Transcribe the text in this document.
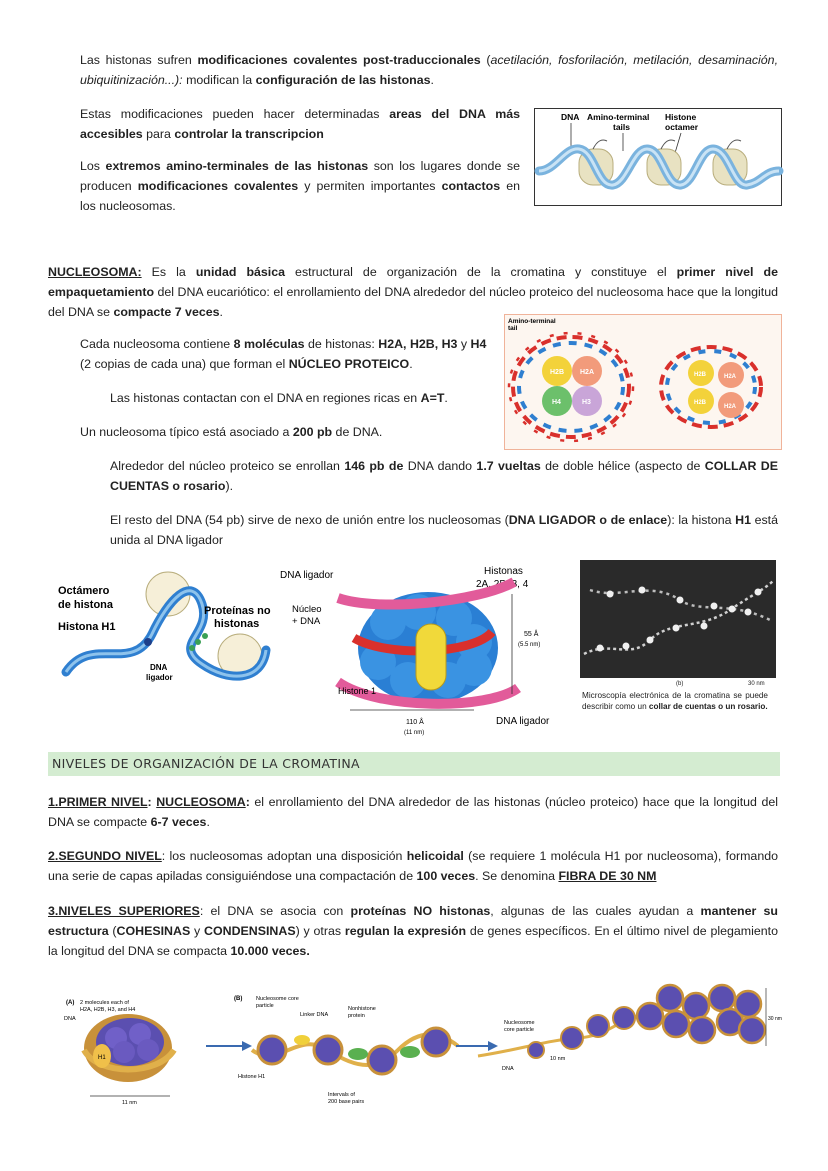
Las histonas sufren modificaciones covalentes post-traduccionales (acetilación, fosforilación, metilación, desaminación, ubiquitinización...): modifican la configuración de las histonas.

Estas modificaciones pueden hacer determinadas areas del DNA más accesibles para controlar la transcripcion

Los extremos amino-terminales de las histonas son los lugares donde se producen modificaciones covalentes y permiten importantes contactos en los nucleosomas.

DNA Amino-terminal
tails
Histone
octamer

NUCLEOSOMA: Es la unidad básica estructural de organización de la cromatina y constituye el primer nivel de empaquetamiento del DNA eucariótico: el enrollamiento del DNA alrededor del núcleo proteico del nucleosoma hace que la longitud del DNA se compacte 7 veces.

Cada nucleosoma contiene 8 moléculas de histonas: H2A, H2B, H3 y H4
(2 copias de cada una) que forman el NÚCLEO PROTEICO.

Las histonas contactan con el DNA en regiones ricas en A=T.

Un nucleosoma típico está asociado a 200 pb de DNA.

Amino-terminal
tail
H2B H2A
H4	H3
H2B	H2A
H2B
H2A

Alrededor del núcleo proteico se enrollan 146 pb de DNA dando 1.7 vueltas de doble hélice (aspecto de COLLAR DE CUENTAS o rosario).

El resto del DNA (54 pb) sirve de nexo de unión entre los nucleosomas (DNA LIGADOR o de enlace): la histona H1 está unida al DNA ligador

Octámero
de histona
Histona H1
Proteínas no
histonas
DNA
ligador
DNA ligador	Histonas
2A, 2B, 3, 4
Núcleo
+ DNA
55 Å
(5.5 nm)
Histone 1
110 Å
(11 nm)
DNA ligador
(b)	30 nm
Microscopía electrónica de la cromatina se puede describir como un collar de cuentas o un rosario.
NIVELES DE ORGANIZACIÓN DE LA CROMATINA

1.PRIMER NIVEL: NUCLEOSOMA: el enrollamiento del DNA alrededor de las histonas (núcleo proteico) hace que la longitud del DNA se compacte 6-7 veces.

2.SEGUNDO NIVEL: los nucleosomas adoptan una disposición helicoidal (se requiere 1 molécula H1 por nucleosoma), formando una serie de capas apiladas consiguiéndose una compactación de 100 veces. Se denomina FIBRA DE 30 NM

3.NIVELES SUPERIORES: el DNA se asocia con proteínas NO histonas, algunas de las cuales ayudan a mantener su estructura (COHESINAS y CONDENSINAS) y otras regulan la expresión de genes específicos. En el último nivel de plegamiento la longitud del DNA se compacta 10.000 veces.

(A) 2 molecules each of
H2A, H2B, H3, and H4
DNA
H1
11 nm
(B) Nucleosome core
particle
Linker DNA
Nonhistone
protein
Histone H1
Intervals of
200 base pairs
Nucleosome
core particle
10 nm
DNA
30 nm
